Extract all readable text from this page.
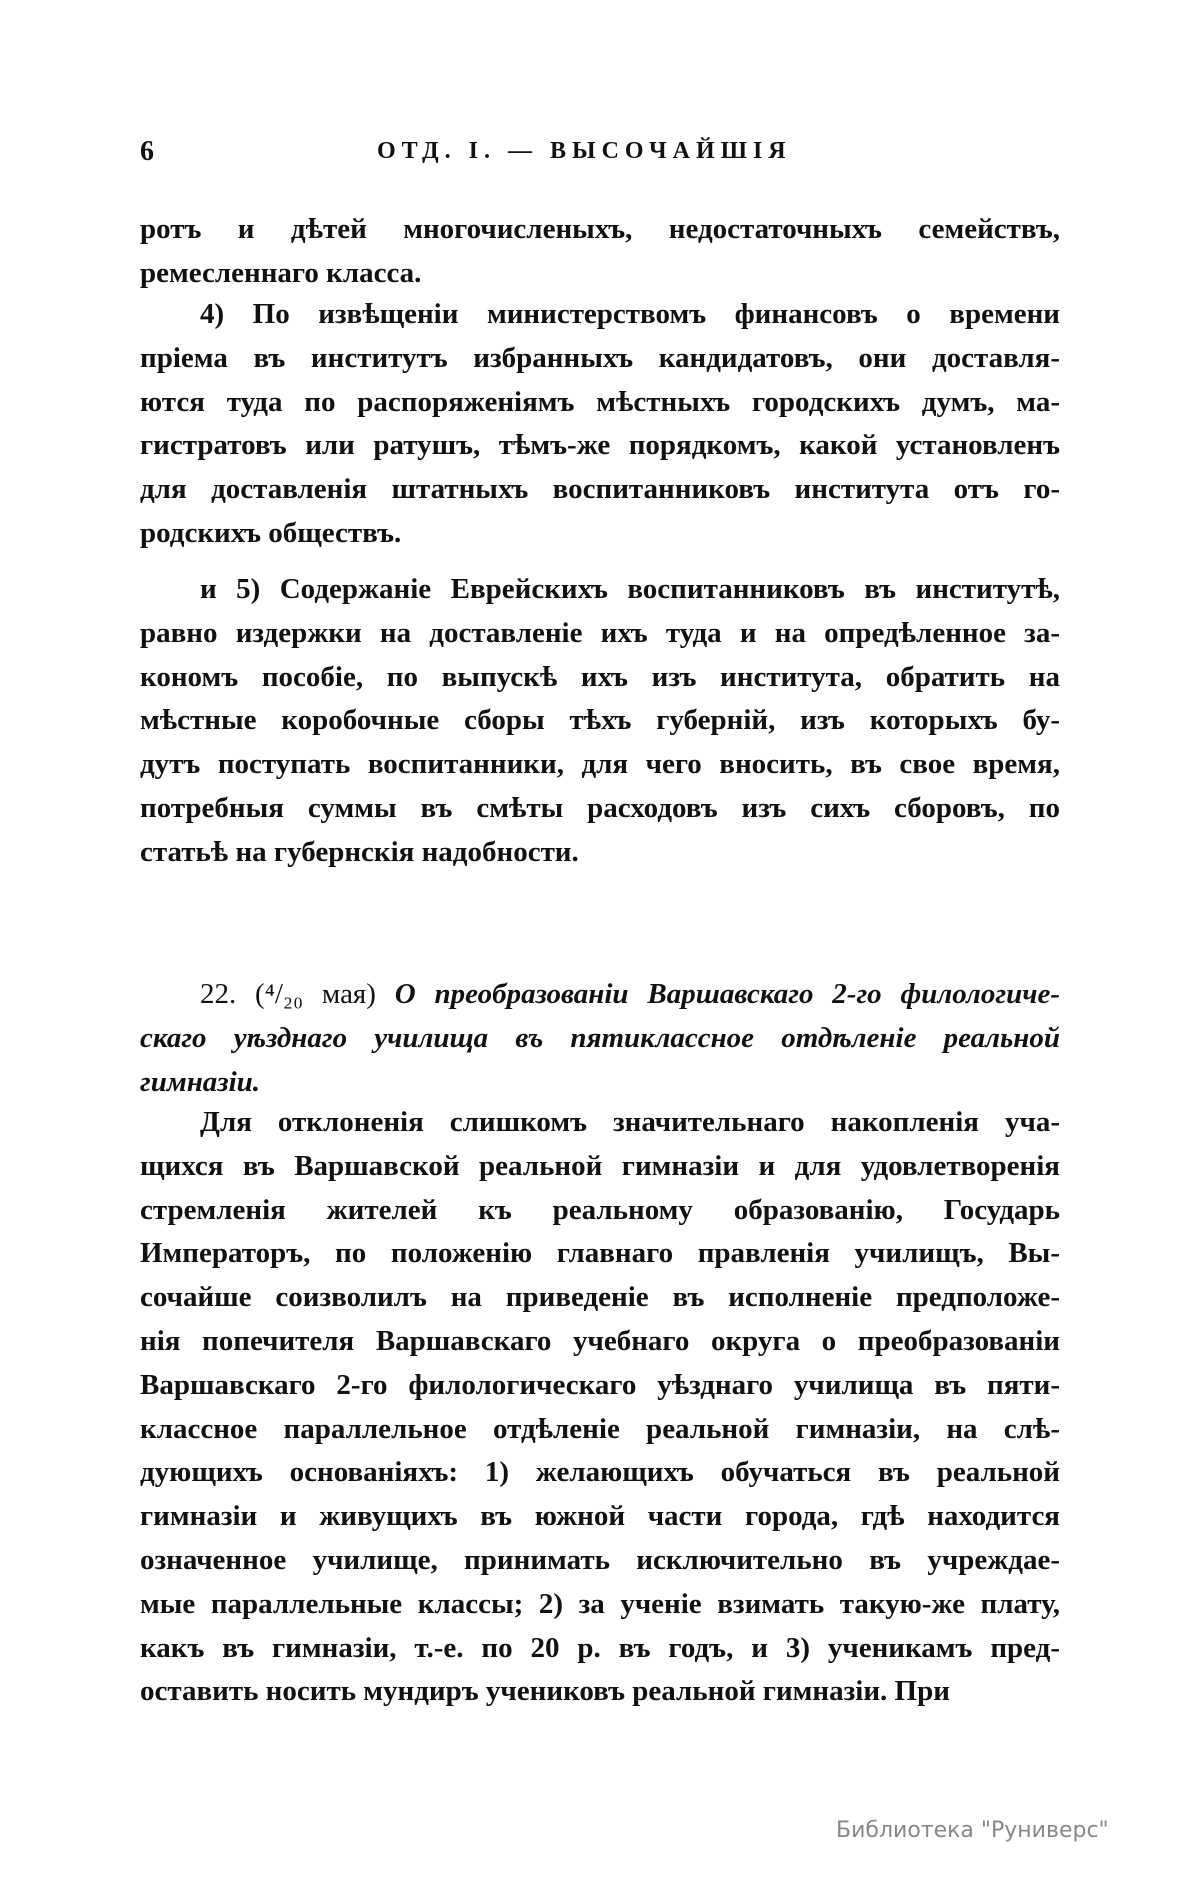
6	ОТД. I. — ВЫСОЧАЙШІЯ
ротъ и дѣтей многочисленыхъ, недостаточныхъ семействъ,
ремесленнаго класса.
4) По извѣщеніи министерствомъ финансовъ о времени
пріема въ институтъ избранныхъ кандидатовъ, они доставля-
ются туда по распоряженіямъ мѣстныхъ городскихъ думъ, ма-
гистратовъ или ратушъ, тѣмъ-же порядкомъ, какой установленъ
для доставленія штатныхъ воспитанниковъ института отъ го-
родскихъ обществъ.
и 5) Содержаніе Еврейскихъ воспитанниковъ въ институтѣ,
равно издержки на доставленіе ихъ туда и на опредѣленное за-
кономъ пособіе, по выпускѣ ихъ изъ института, обратить на
мѣстные коробочные сборы тѣхъ губерній, изъ которыхъ бу-
дутъ поступать воспитанники, для чего вносить, въ свое время,
потребныя суммы въ смѣты расходовъ изъ сихъ сборовъ, по
статьѣ на губернскія надобности.
22. (⁴/₂₀ мая) О преобразованіи Варшавскаго 2-го филологиче-
скаго уѣзднаго училища въ пятиклассное отдѣленіе реальной
гимназіи.
Для отклоненія слишкомъ значительнаго накопленія уча-
щихся въ Варшавской реальной гимназіи и для удовлетворенія
стремленія жителей къ реальному образованію, Государь
Императоръ, по положенію главнаго правленія училищъ, Вы-
сочайше соизволилъ на приведеніе въ исполненіе предположе-
нія попечителя Варшавскаго учебнаго округа о преобразованіи
Варшавскаго 2-го филологическаго уѣзднаго училища въ пяти-
классное параллельное отдѣленіе реальной гимназіи, на слѣ-
дующихъ основаніяхъ: 1) желающихъ обучаться въ реальной
гимназіи и живущихъ въ южной части города, гдѣ находится
означенное училище, принимать исключительно въ учреждае-
мые параллельные классы; 2) за ученіе взимать такую-же плату,
какъ въ гимназіи, т.-е. по 20 р. въ годъ, и 3) ученикамъ пред-
оставить носить мундиръ учениковъ реальной гимназіи. При
Библиотека "Руниверс"
